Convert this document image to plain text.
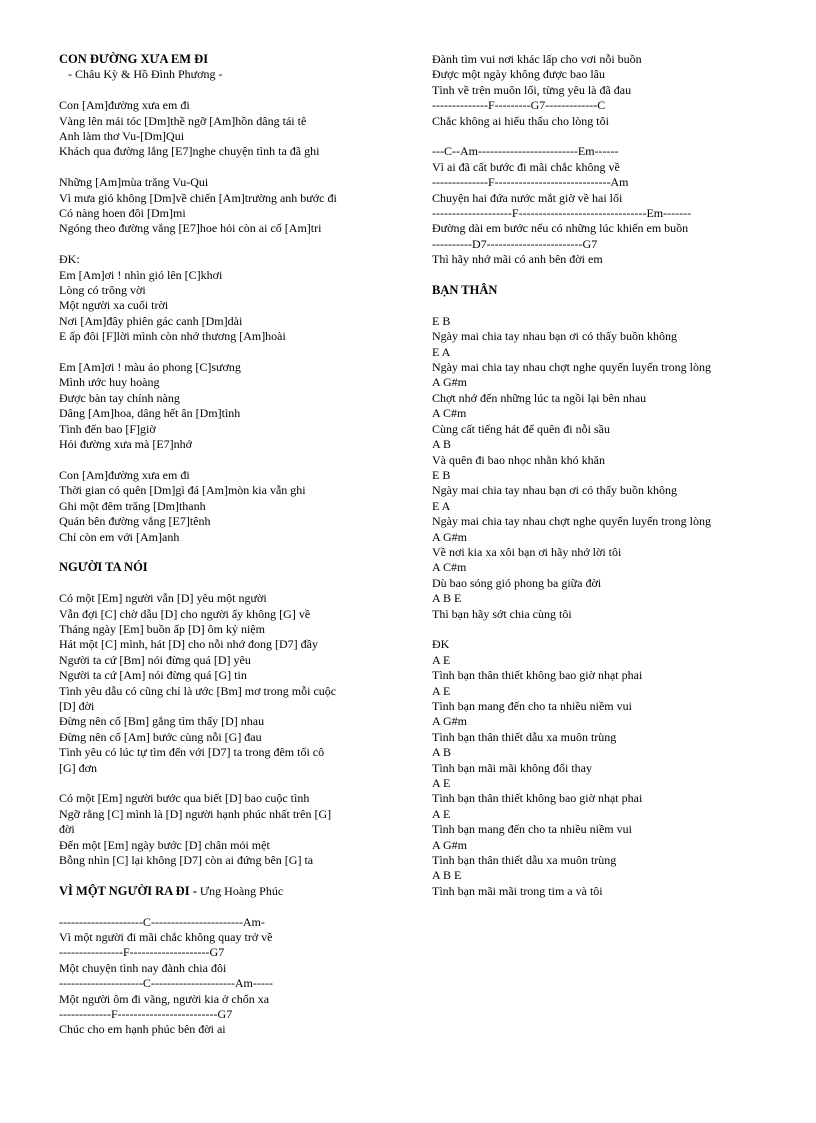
CON ĐƯỜNG XƯA EM ĐI
- Châu Kỳ & Hồ Đình Phương -
Con [Am]đường xưa em đi
Vàng lên mái tóc [Dm]thề ngỡ [Am]hồn dâng tái tê
Anh làm thơ Vu-[Dm]Qui
Khách qua đường lắng [E7]nghe chuyện tình ta đã ghi
Những [Am]mùa trăng Vu-Qui
Vì mưa gió không [Dm]về chiến [Am]trường anh bước đi
Có nàng hoen đôi [Dm]mi
Ngóng theo đường vắng [E7]hoe hỏi còn ai cố [Am]tri
ĐK:
Em [Am]ơi ! nhìn gió lên [C]khơi
Lòng có trông vời
Một người xa cuối trời
Nơi [Am]đây phiên gác canh [Dm]dài
E ấp đôi [F]lời mình còn nhớ thương [Am]hoài
Em [Am]ơi ! màu áo phong [C]sương
Mình ước huy hoàng
Được bàn tay chính nàng
Dâng [Am]hoa, dâng hết ân [Dm]tình
Tình đến bao [F]giờ
Hỏi đường xưa mà [E7]nhớ
Con [Am]đường xưa em đi
Thời gian có quên [Dm]gì đá [Am]mòn kia vẫn ghi
Ghi một đêm trăng [Dm]thanh
Quán bên đường vắng [E7]tênh
Chỉ còn em với [Am]anh
NGƯỜI TA NÓI
Có một [Em] người vẫn [D] yêu một người
Vẫn đợi [C] chờ dẫu [D] cho người ấy không [G] về
Tháng ngày [Em] buồn ấp [D] ôm kỷ niệm
Hát một [C] mình, hát [D] cho nỗi nhớ đong [D7] đầy
Người ta cứ [Bm] nói đừng quá [D] yêu
Người ta cứ [Am] nói đừng quá [G] tin
Tình yêu dẫu có cũng chỉ là ước [Bm] mơ trong mỗi cuộc
[D] đời
Đừng nên cố [Bm] gắng tìm thấy [D] nhau
Đừng nên cố [Am] bước cùng nỗi [G] đau
Tình yêu có lúc tự tìm đến với [D7] ta trong đêm tối cô
[G] đơn
Có một [Em] người bước qua biết [D] bao cuộc tình
Ngỡ rằng [C] mình là [D] người hạnh phúc nhất trên [G]
đời
Đến một [Em] ngày bước [D] chân mỏi mệt
Bỗng nhìn [C] lại không [D7] còn ai đứng bên [G] ta
VÌ MỘT NGƯỜI RA ĐI - Ưng Hoàng Phúc
---------------------C-----------------------Am-
Vì một người đi mãi chắc không quay trở về
----------------F--------------------G7
Một chuyện tình nay đành chia đôi
---------------------C---------------------Am-----
Một người ôm đi vãng, người kia ở chốn xa
-------------F-------------------------G7
Chúc cho em hạnh phúc bên đời ai
Đành tìm vui nơi khác lấp cho vơi nỗi buồn
Được một ngày không được bao lâu
Tình về trên muôn lối, từng yêu là đã đau
--------------F---------G7-------------C
Chắc không ai hiểu thấu cho lòng tôi
---C--Am-------------------------Em------
Vì ai đã cất bước đi mãi chắc không về
--------------F-----------------------------Am
Chuyện hai đứa nước mắt giờ về hai lối
--------------------F--------------------------------Em-------
Đường dài em bước nếu có những lúc khiến em buồn
----------D7------------------------G7
Thì hãy nhớ mãi có anh bên đời em
BẠN THÂN
E B
Ngày mai chia tay nhau bạn ơi có thấy buồn không
E A
Ngày mai chia tay nhau chợt nghe quyến luyến trong lòng
A G#m
Chợt nhớ đến những lúc ta ngồi lại bên nhau
A C#m
Cùng cất tiếng hát để quên đi nỗi sầu
A B
Và quên đi bao nhọc nhằn khó khăn
E B
Ngày mai chia tay nhau bạn ơi có thấy buồn không
E A
Ngày mai chia tay nhau chợt nghe quyến luyến trong lòng
A G#m
Về nơi kia xa xôi bạn ơi hãy nhớ lời tôi
A C#m
Dù bao sóng gió phong ba giữa đời
A B E
Thì bạn hãy sớt chia cùng tôi
ĐK
A E
Tình bạn thân thiết không bao giờ nhạt phai
A E
Tình bạn mang đến cho ta nhiều niềm vui
A G#m
Tình bạn thân thiết dẫu xa muôn trùng
A B
Tình bạn mãi mãi không đổi thay
A E
Tình bạn thân thiết không bao giờ nhạt phai
A E
Tình bạn mang đến cho ta nhiều niềm vui
A G#m
Tình bạn thân thiết dẫu xa muôn trùng
A B E
Tình bạn mãi mãi trong tim a và tôi
